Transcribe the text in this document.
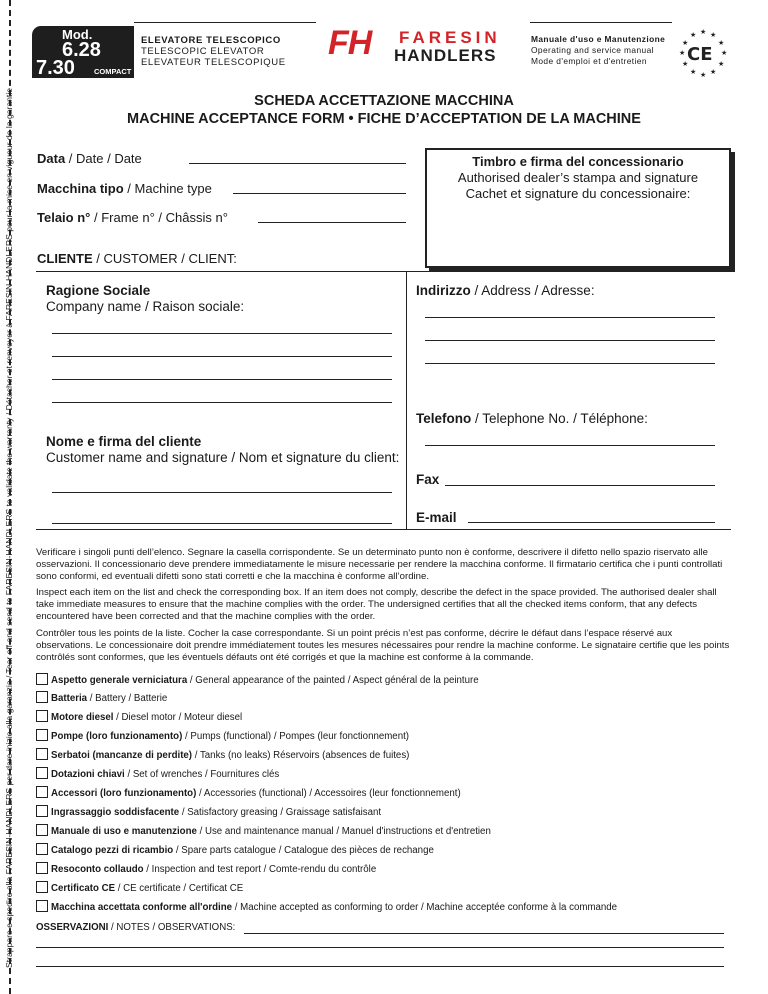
Strappare e spedire alla FARESIN-HANDLERS per dare inizio alla garanzia / Tear off and send to FARESIN-HANDLERS to validate the warranty / Détacher et renvoyer à FARESIN-HANDLERS pour la mise en vigueur de la garantie
Mod.
6.28
7.30	COMPACT
ELEVATORE TELESCOPICO
TELESCOPIC ELEVATOR
ELEVATEUR TELESCOPIQUE
FH FARESIN
HANDLERS
Manuale d'uso e Manutenzione
Operating and service manual
Mode d'emploi et d'entretien
★ ★
★
★
★
★
★
★
★
★
★
★
CE
SCHEDA ACCETTAZIONE MACCHINA
MACHINE ACCEPTANCE FORM • FICHE D’ACCEPTATION DE LA MACHINE
Data / Date / Date
Macchina tipo / Machine type
Telaio n° / Frame n° / Châssis n°
Timbro e firma del concessionario
Authorised dealer’s stampa and signature
Cachet et signature du concessionaire:
CLIENTE / CUSTOMER / CLIENT:
Ragione Sociale
Company name / Raison sociale:
Indirizzo / Address / Adresse:
Telefono / Telephone No. / Téléphone:
Nome e firma del cliente
Customer name and signature / Nom et signature du client:
Fax
E-mail
Verificare i singoli punti dell’elenco. Segnare la casella corrispondente. Se un determinato punto non è conforme, descrivere il difetto nello spazio riservato alle osservazioni. Il concessionario deve prendere immediatamente le misure necessarie per rendere la macchina conforme. Il firmatario certifica che i punti controllati sono conformi, ed eventuali difetti sono stati corretti e che la macchina è conforme all’ordine.
Inspect each item on the list and check the corresponding box. If an item does not comply, describe the defect in the space provided. The authorised dealer shall take immediate measures to ensure that the machine complies with the order. The undersigned certifies that all the checked items conform, that any defects encountered have been corrected and that the machine complies with the order.
Contrôler tous les points de la liste. Cocher la case correspondante. Si un point précis n’est pas conforme, décrire le défaut dans l’espace réservé aux observations. Le concessionaire doit prendre immédiatement toutes les mesures nécessaires pour rendre la machine conforme. Le signataire certifie que les points contrôlés sont conformes, que les éventuels défauts ont été corrigés et que la machine est conforme à la commande.
Aspetto generale verniciatura / General appearance of the painted / Aspect général de la peinture
Batteria / Battery / Batterie
Motore diesel / Diesel motor / Moteur diesel
Pompe (loro funzionamento) / Pumps (functional) / Pompes (leur fonctionnement)
Serbatoi (mancanze di perdite) / Tanks (no leaks) Réservoirs (absences de fuites)
Dotazioni chiavi / Set of wrenches / Fournitures clés
Accessori (loro funzionamento) / Accessories (functional) / Accessoires (leur fonctionnement)
Ingrassaggio soddisfacente / Satisfactory greasing / Graissage satisfaisant
Manuale di uso e manutenzione / Use and maintenance manual / Manuel d'instructions et d'entretien
Catalogo pezzi di ricambio / Spare parts catalogue / Catalogue des pièces de rechange
Resoconto collaudo / Inspection and test report / Comte-rendu du contrôle
Certificato CE / CE certificate / Certificat CE
Macchina accettata conforme all'ordine / Machine accepted as conforming to order / Machine acceptée conforme à la commande
OSSERVAZIONI / NOTES / OBSERVATIONS:
